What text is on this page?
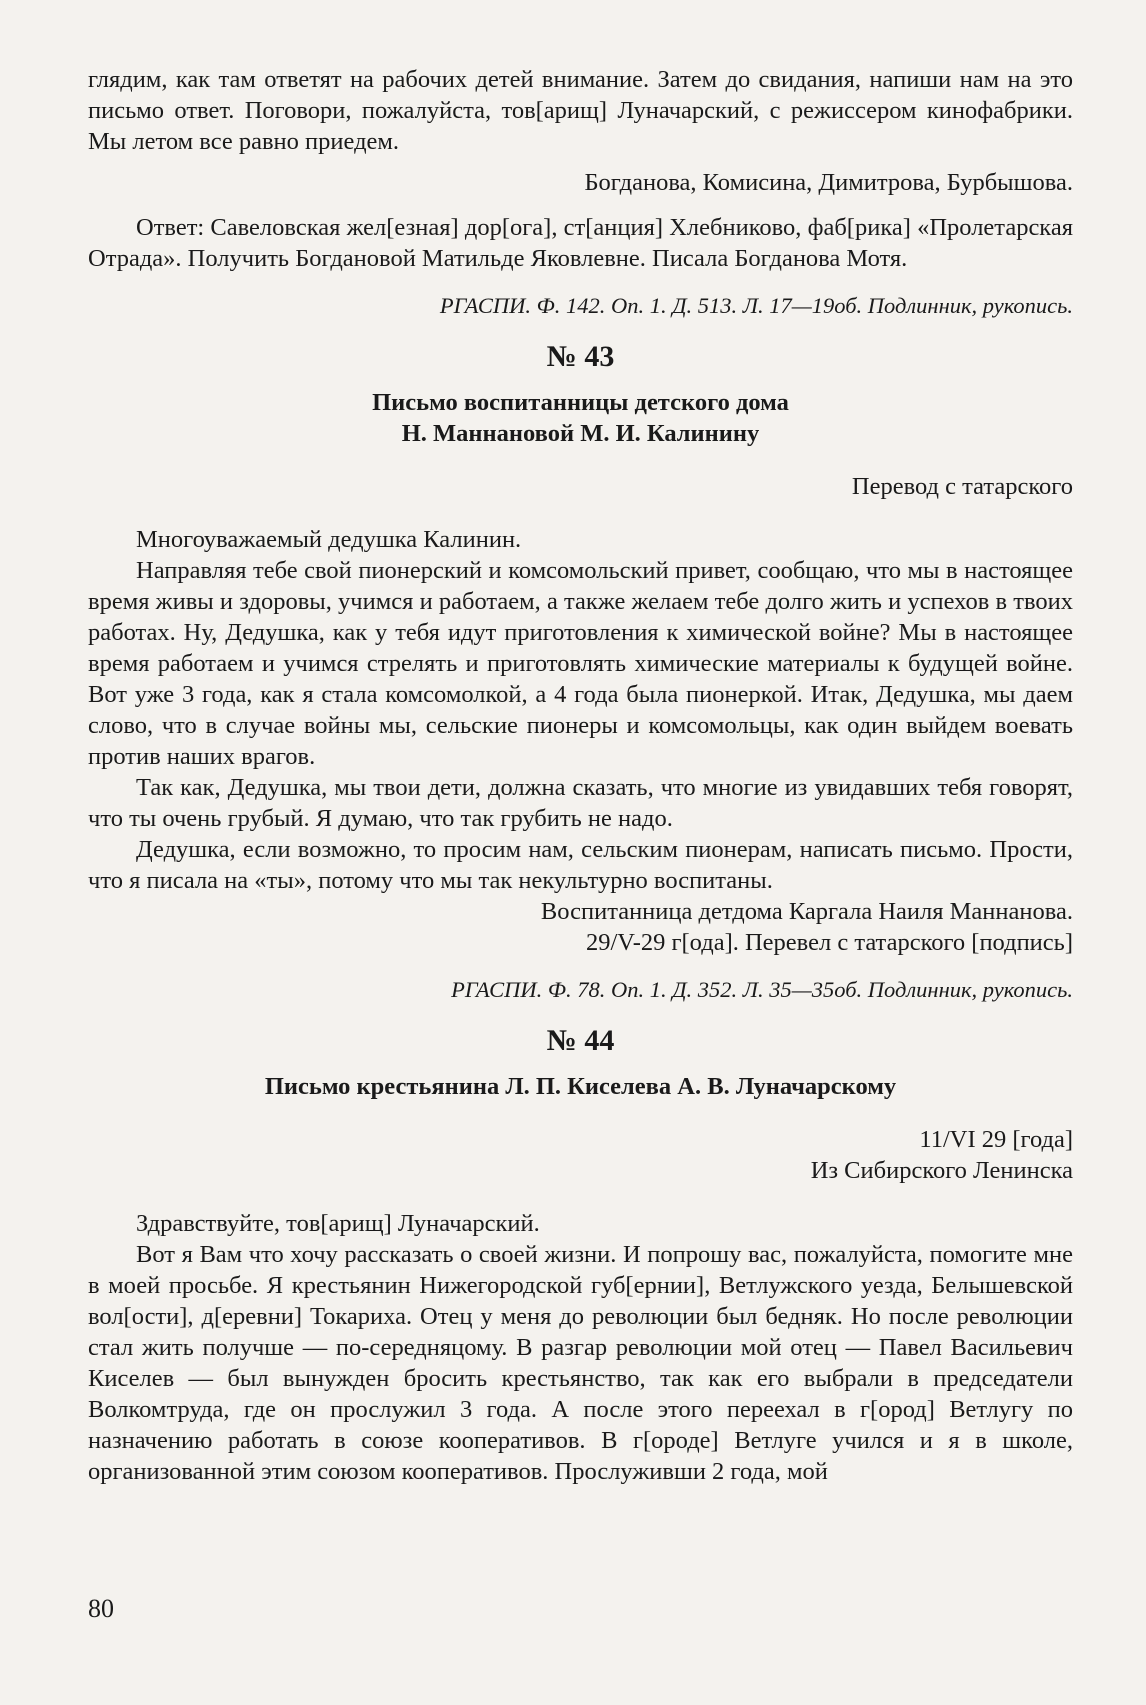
глядим, как там ответят на рабочих детей внимание. Затем до свидания, напиши нам на это письмо ответ. Поговори, пожалуйста, тов[арищ] Луначарский, с режиссером кинофабрики. Мы летом все равно приедем.

Богданова, Комисина, Димитрова, Бурбышова.

Ответ: Савеловская жел[езная] дор[ога], ст[анция] Хлебниково, фаб[рика] «Пролетарская Отрада». Получить Богдановой Матильде Яковлевне. Писала Богданова Мотя.

РГАСПИ. Ф. 142. Оп. 1. Д. 513. Л. 17—19об. Подлинник, рукопись.

№ 43
Письмо воспитанницы детского дома
Н. Маннановой М. И. Калинину

Перевод с татарского

Многоуважаемый дедушка Калинин.

Направляя тебе свой пионерский и комсомольский привет, сообщаю, что мы в настоящее время живы и здоровы, учимся и работаем, а также желаем тебе долго жить и успехов в твоих работах. Ну, Дедушка, как у тебя идут приготовления к химической войне? Мы в настоящее время работаем и учимся стрелять и приготовлять химические материалы к будущей войне. Вот уже 3 года, как я стала комсомолкой, а 4 года была пионеркой. Итак, Дедушка, мы даем слово, что в случае войны мы, сельские пионеры и комсомольцы, как один выйдем воевать против наших врагов.

Так как, Дедушка, мы твои дети, должна сказать, что многие из увидавших тебя говорят, что ты очень грубый. Я думаю, что так грубить не надо.

Дедушка, если возможно, то просим нам, сельским пионерам, написать письмо. Прости, что я писала на «ты», потому что мы так некультурно воспитаны.

Воспитанница детдома Каргала Наиля Маннанова.

29/V-29 г[ода]. Перевел с татарского [подпись]

РГАСПИ. Ф. 78. Оп. 1. Д. 352. Л. 35—35об. Подлинник, рукопись.

№ 44
Письмо крестьянина Л. П. Киселева А. В. Луначарскому

11/VI 29 [года]

Из Сибирского Ленинска

Здравствуйте, тов[арищ] Луначарский.

Вот я Вам что хочу рассказать о своей жизни. И попрошу вас, пожалуйста, помогите мне в моей просьбе. Я крестьянин Нижегородской губ[ернии], Ветлужского уезда, Белышевской вол[ости], д[еревни] Токариха. Отец у меня до революции был бедняк. Но после революции стал жить получше — по-середняцому. В разгар революции мой отец — Павел Васильевич Киселев — был вынужден бросить крестьянство, так как его выбрали в председатели Волкомтруда, где он прослужил 3 года. А после этого переехал в г[ород] Ветлугу по назначению работать в союзе кооперативов. В г[ороде] Ветлуге учился и я в школе, организованной этим союзом кооперативов. Прослуживши 2 года, мой

80
